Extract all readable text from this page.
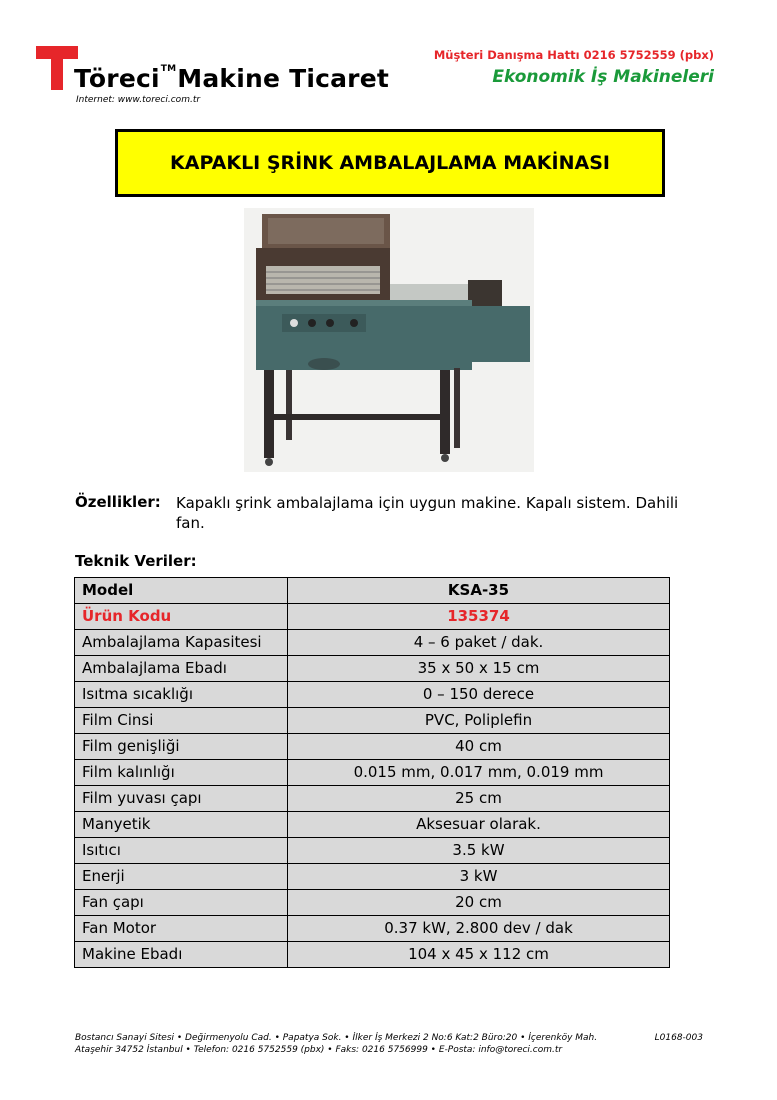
Töreci™Makine Ticaret
Internet: www.toreci.com.tr
Müşteri Danışma Hattı 0216 5752559 (pbx)
Ekonomik İş Makineleri
KAPAKLI ŞRİNK AMBALAJLAMA MAKİNASI
Özellikler: Kapaklı şrink ambalajlama için uygun makine. Kapalı sistem. Dahili fan.
Teknik Veriler:
Model	KSA-35
Ürün Kodu	135374
Ambalajlama Kapasitesi	4 – 6 paket / dak.
Ambalajlama Ebadı	35 x 50 x 15 cm
Isıtma sıcaklığı	0 – 150 derece
Film Cinsi	PVC, Poliplefin
Film genişliği	40 cm
Film kalınlığı	0.015 mm, 0.017 mm, 0.019 mm
Film yuvası çapı	25 cm
Manyetik	Aksesuar olarak.
Isıtıcı	3.5 kW
Enerji	3 kW
Fan çapı	20 cm
Fan Motor	0.37 kW, 2.800 dev / dak
Makine Ebadı	104 x 45 x 112 cm
Bostancı Sanayi Sitesi • Değirmenyolu Cad. • Papatya Sok. • İlker İş Merkezi 2 No:6 Kat:2 Büro:20 • İçerenköy Mah.
Ataşehir 34752 İstanbul • Telefon: 0216 5752559 (pbx) • Faks: 0216 5756999 • E-Posta: info@toreci.com.tr
L0168-003
